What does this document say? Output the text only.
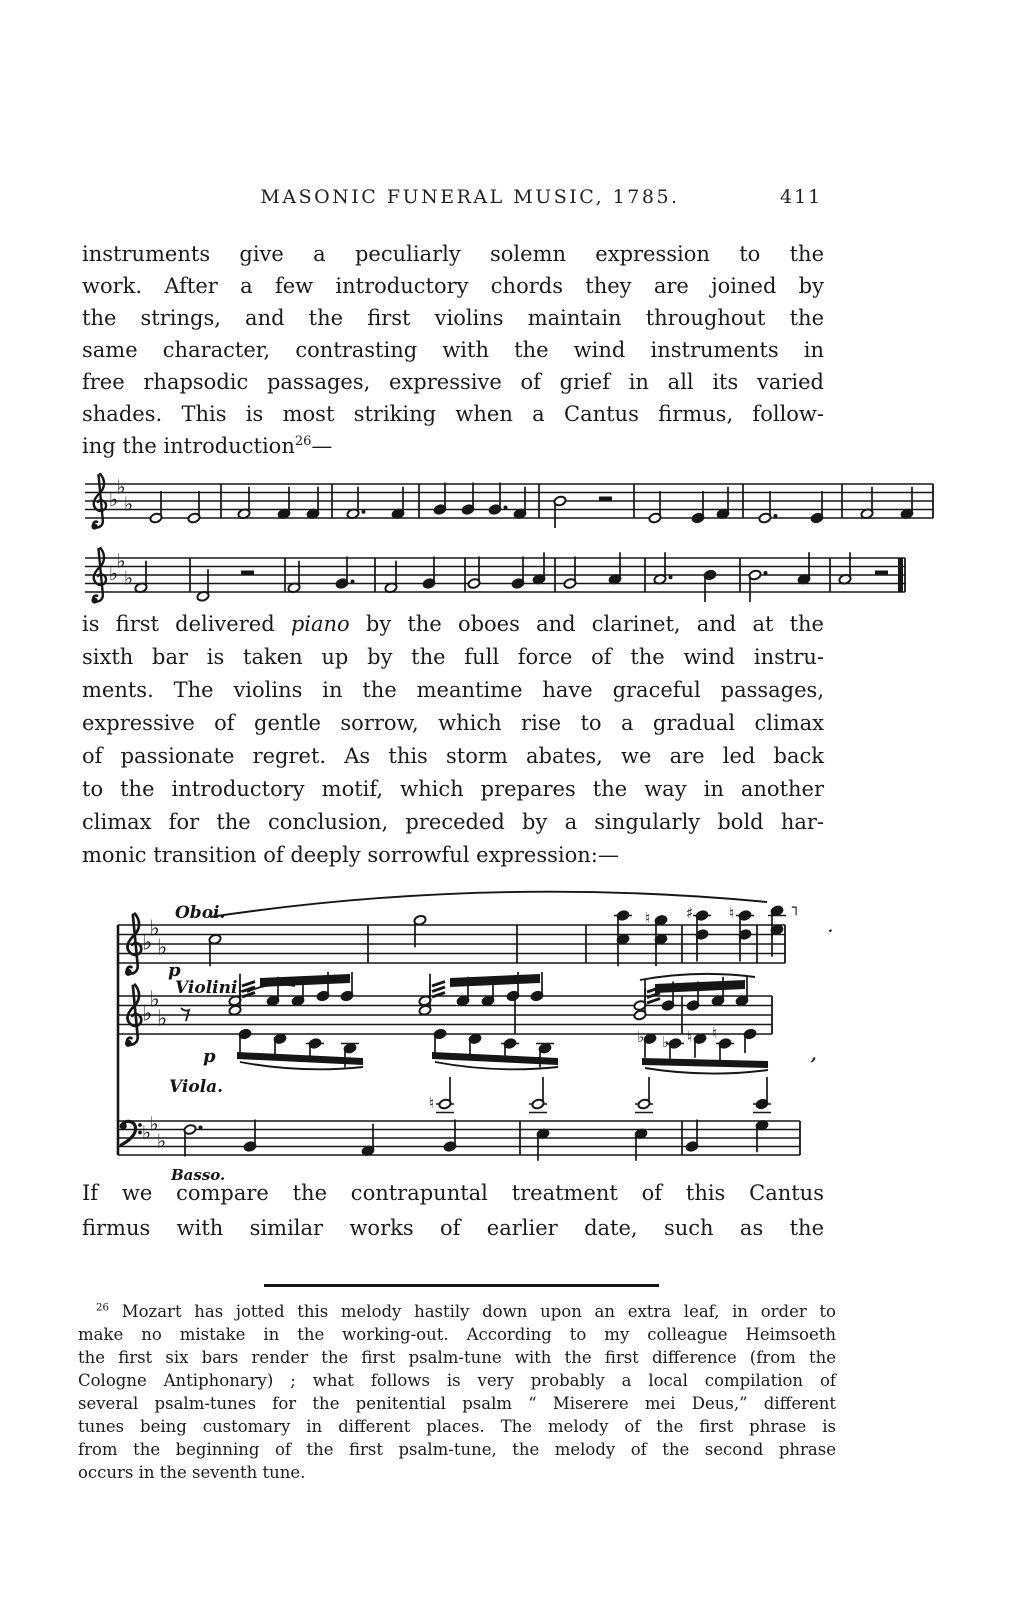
MASONIC FUNERAL MUSIC, 1785.	411
instruments give a peculiarly solemn expression to the
work. After a few introductory chords they are joined by
the strings, and the first violins maintain throughout the
same character, contrasting with the wind instruments in
free rhapsodic passages, expressive of grief in all its varied
shades. This is most striking when a Cantus firmus, follow-
ing the introduction$^{26}$—
♭
♭
♭
♭
♭
♭
is first delivered piano by the oboes and clarinet, and at the
sixth bar is taken up by the full force of the wind instru-
ments. The violins in the meantime have graceful passages,
expressive of gentle sorrow, which rise to a gradual climax
of passionate regret. As this storm abates, we are led back
to the introductory motif, which prepares the way in another
climax for the conclusion, preceded by a singularly bold har-
monic transition of deeply sorrowful expression:—
♭
♭
♭
♭
♭
♭
♭
♭
♭
Oboi.
p
Violini.
♮ ♯ ♮
♭ ♭ ♮ ♮
♮
p
Viola.
Basso.
┐
,
.
If we compare the contrapuntal treatment of this Cantus
firmus with similar works of earlier date, such as the
$^{26}$ Mozart has jotted this melody hastily down upon an extra leaf, in order to
make no mistake in the working-out. According to my colleague Heimsoeth
the first six bars render the first psalm-tune with the first difference (from the
Cologne Antiphonary) ; what follows is very probably a local compilation of
several psalm-tunes for the penitential psalm “ Miserere mei Deus,” different
tunes being customary in different places. The melody of the first phrase is
from the beginning of the first psalm-tune, the melody of the second phrase
occurs in the seventh tune.
